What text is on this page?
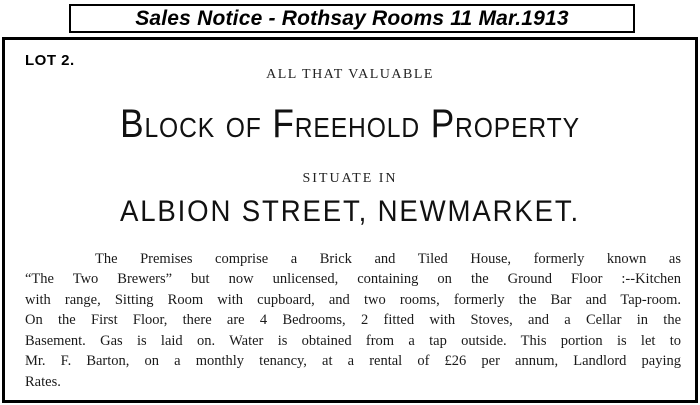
Sales Notice - Rothsay Rooms 11 Mar.1913
LOT 2.
ALL THAT VALUABLE
Block of Freehold Property
SITUATE IN
ALBION STREET, NEWMARKET.
The Premises comprise a Brick and Tiled House, formerly known as
“The Two Brewers” but now unlicensed, containing on the Ground Floor :--Kitchen
with range, Sitting Room with cupboard, and two rooms, formerly the Bar and Tap-room.
On the First Floor, there are 4 Bedrooms, 2 fitted with Stoves, and a Cellar in the
Basement. Gas is laid on. Water is obtained from a tap outside. This portion is let to
Mr. F. Barton, on a monthly tenancy, at a rental of £26 per annum, Landlord paying
Rates.
